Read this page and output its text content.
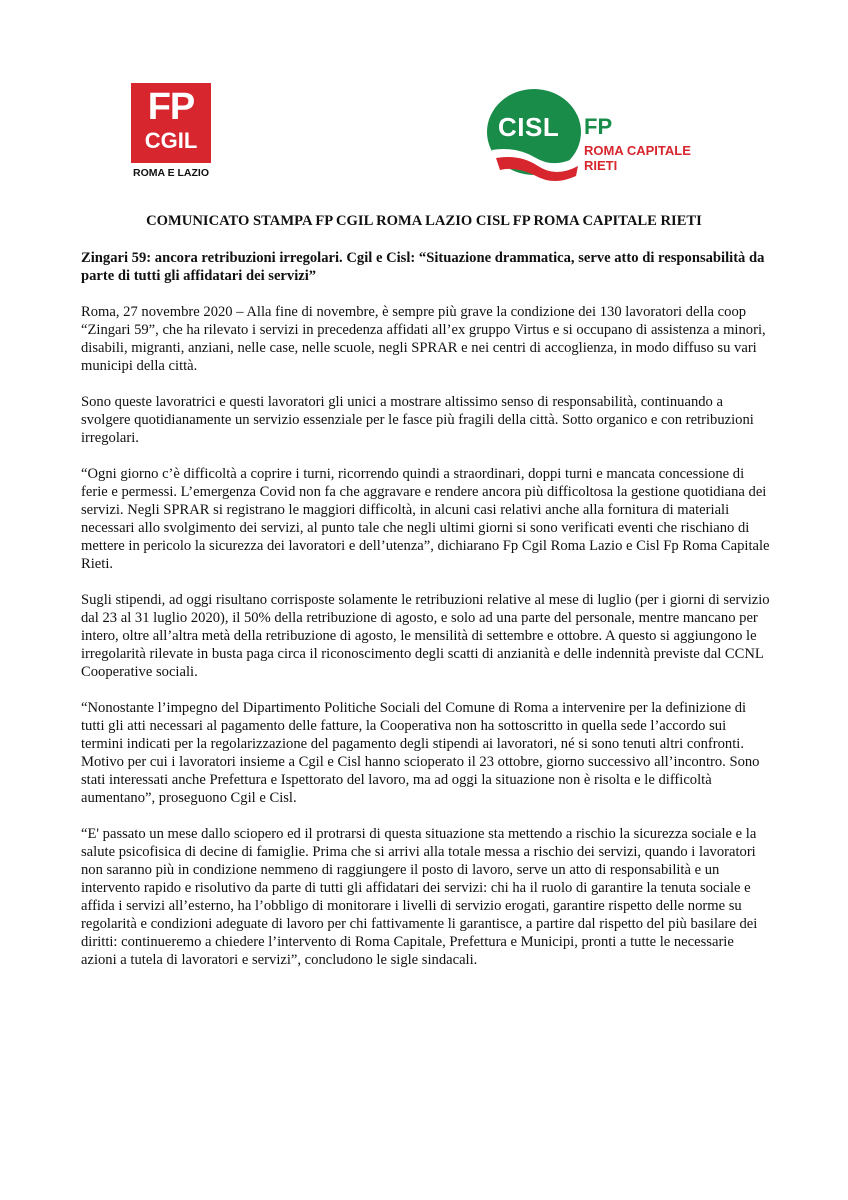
FP
CGIL
ROMA E LAZIO
CISL FP
ROMA CAPITALE
RIETI
COMUNICATO STAMPA FP CGIL ROMA LAZIO CISL FP ROMA CAPITALE RIETI

Zingari 59: ancora retribuzioni irregolari. Cgil e Cisl: “Situazione drammatica, serve atto di responsabilità da parte di tutti gli affidatari dei servizi”

Roma, 27 novembre 2020 – Alla fine di novembre, è sempre più grave la condizione dei 130 lavoratori della coop “Zingari 59”, che ha rilevato i servizi in precedenza affidati all’ex gruppo Virtus e si occupano di assistenza a minori, disabili, migranti, anziani, nelle case, nelle scuole, negli SPRAR e nei centri di accoglienza, in modo diffuso su vari municipi della città.

Sono queste lavoratrici e questi lavoratori gli unici a mostrare altissimo senso di responsabilità, continuando a svolgere quotidianamente un servizio essenziale per le fasce più fragili della città. Sotto organico e con retribuzioni irregolari.

“Ogni giorno c’è difficoltà a coprire i turni, ricorrendo quindi a straordinari, doppi turni e mancata concessione di ferie e permessi. L’emergenza Covid non fa che aggravare e rendere ancora più difficoltosa la gestione quotidiana dei servizi. Negli SPRAR si registrano le maggiori difficoltà, in alcuni casi relativi anche alla fornitura di materiali necessari allo svolgimento dei servizi, al punto tale che negli ultimi giorni si sono verificati eventi che rischiano di mettere in pericolo la sicurezza dei lavoratori e dell’utenza”, dichiarano Fp Cgil Roma Lazio e Cisl Fp Roma Capitale Rieti.

Sugli stipendi, ad oggi risultano corrisposte solamente le retribuzioni relative al mese di luglio (per i giorni di servizio dal 23 al 31 luglio 2020), il 50% della retribuzione di agosto, e solo ad una parte del personale, mentre mancano per intero, oltre all’altra metà della retribuzione di agosto, le mensilità di settembre e ottobre. A questo si aggiungono le irregolarità rilevate in busta paga circa il riconoscimento degli scatti di anzianità e delle indennità previste dal CCNL Cooperative sociali.

“Nonostante l’impegno del Dipartimento Politiche Sociali del Comune di Roma a intervenire per la definizione di tutti gli atti necessari al pagamento delle fatture, la Cooperativa non ha sottoscritto in quella sede l’accordo sui termini indicati per la regolarizzazione del pagamento degli stipendi ai lavoratori, né si sono tenuti altri confronti. Motivo per cui i lavoratori insieme a Cgil e Cisl hanno scioperato il 23 ottobre, giorno successivo all’incontro. Sono stati interessati anche Prefettura e Ispettorato del lavoro, ma ad oggi la situazione non è risolta e le difficoltà aumentano”, proseguono Cgil e Cisl.

“E' passato un mese dallo sciopero ed il protrarsi di questa situazione sta mettendo a rischio la sicurezza sociale e la salute psicofisica di decine di famiglie. Prima che si arrivi alla totale messa a rischio dei servizi, quando i lavoratori non saranno più in condizione nemmeno di raggiungere il posto di lavoro, serve un atto di responsabilità e un intervento rapido e risolutivo da parte di tutti gli affidatari dei servizi: chi ha il ruolo di garantire la tenuta sociale e affida i servizi all’esterno, ha l’obbligo di monitorare i livelli di servizio erogati, garantire rispetto delle norme su regolarità e condizioni adeguate di lavoro per chi fattivamente li garantisce, a partire dal rispetto del più basilare dei diritti: continueremo a chiedere l’intervento di Roma Capitale, Prefettura e Municipi, pronti a tutte le necessarie azioni a tutela di lavoratori e servizi”, concludono le sigle sindacali.
